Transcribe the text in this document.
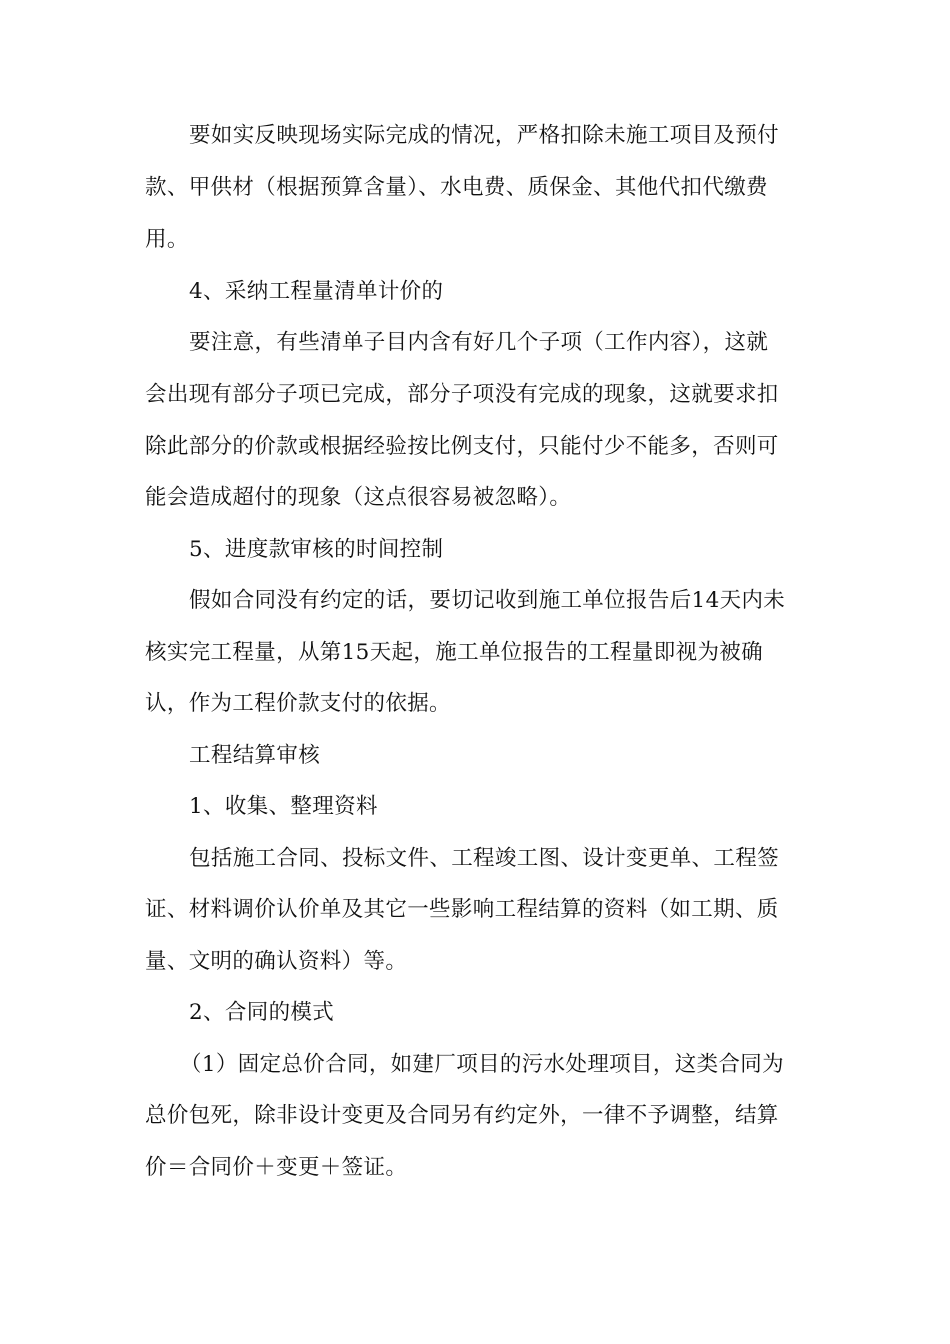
要如实反映现场实际完成的情况，严格扣除未施工项目及预付
款、甲供材（根据预算含量）、水电费、质保金、其他代扣代缴费
用。
4、采纳工程量清单计价的
要注意，有些清单子目内含有好几个子项（工作内容），这就
会出现有部分子项已完成，部分子项没有完成的现象，这就要求扣
除此部分的价款或根据经验按比例支付，只能付少不能多，否则可
能会造成超付的现象（这点很容易被忽略）。
5、进度款审核的时间控制
假如合同没有约定的话，要切记收到施工单位报告后14天内未
核实完工程量，从第15天起，施工单位报告的工程量即视为被确
认，作为工程价款支付的依据。
工程结算审核
1、收集、整理资料
包括施工合同、投标文件、工程竣工图、设计变更单、工程签
证、材料调价认价单及其它一些影响工程结算的资料（如工期、质
量、文明的确认资料）等。
2、合同的模式
（1）固定总价合同，如建厂项目的污水处理项目，这类合同为
总价包死，除非设计变更及合同另有约定外，一律不予调整，结算
价＝合同价＋变更＋签证。
